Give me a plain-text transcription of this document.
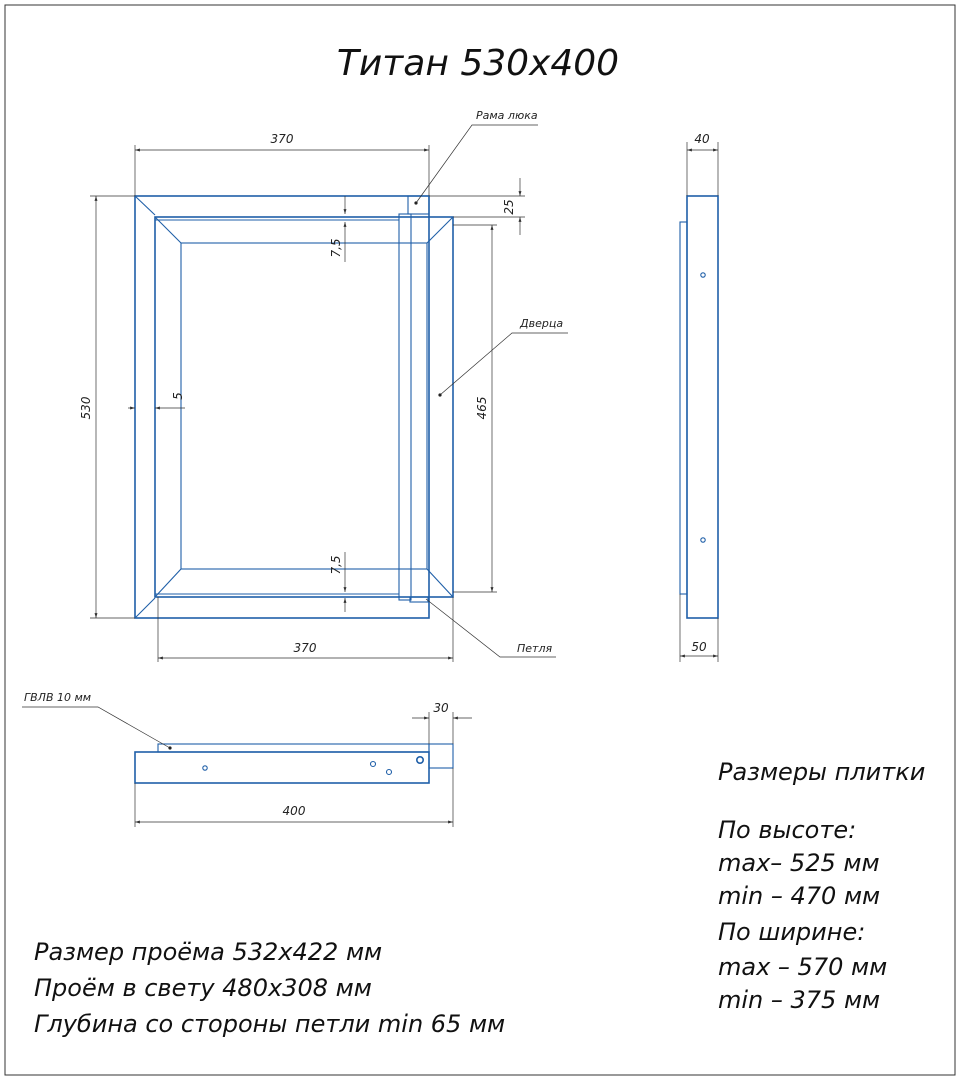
Титан 530х400
370
370
530	465
25
7,5
7,5
5
Рама люка
Дверца
Петля
40
50
400
30
ГВЛВ 10 мм
Размеры плитки
По высоте:
max– 525 мм
min – 470 мм
По ширине:
max – 570 мм
min – 375 мм
Размер проёма 532х422 мм
Проём в свету 480х308 мм
Глубина со стороны петли min 65 мм
